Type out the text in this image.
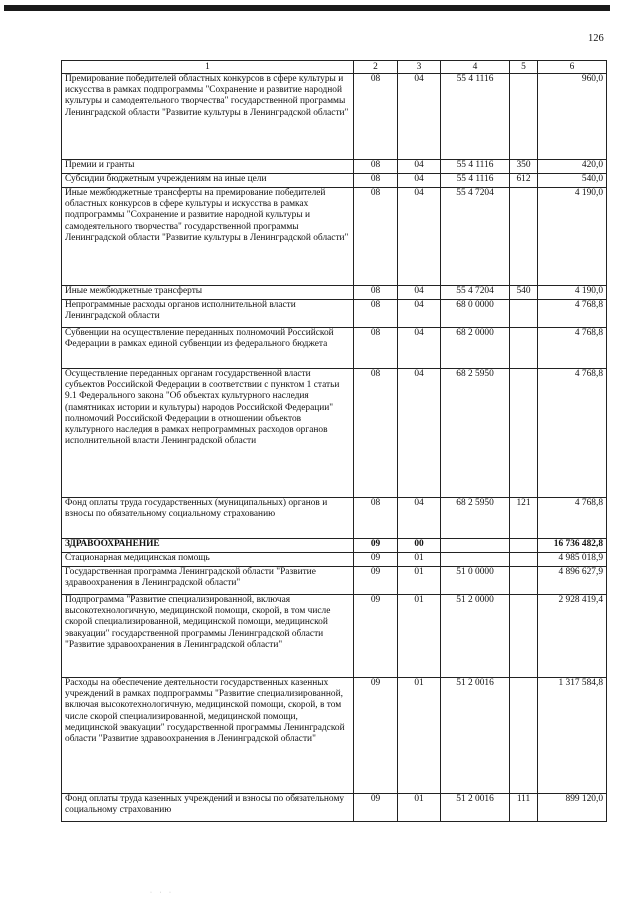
126
1	2	3	4	5	6
Премирование победителей областных конкурсов в сфере культуры и искусства в рамках подпрограммы "Сохранение и развитие народной культуры и самодеятельного творчества" государственной программы Ленинградской области "Развитие культуры в Ленинградской области"	08	04	55 4 1116		960,0
Премии и гранты	08	04	55 4 1116	350	420,0
Субсидии бюджетным учреждениям на иные цели	08	04	55 4 1116	612	540,0
Иные межбюджетные трансферты на премирование победителей областных конкурсов в сфере культуры и искусства в рамках подпрограммы "Сохранение и развитие народной культуры и самодеятельного творчества" государственной программы Ленинградской области "Развитие культуры в Ленинградской области"	08	04	55 4 7204		4 190,0
Иные межбюджетные трансферты	08	04	55 4 7204	540	4 190,0
Непрограммные расходы органов исполнительной власти Ленинградской области	08	04	68 0 0000		4 768,8
Субвенции на осуществление переданных полномочий Российской Федерации в рамках единой субвенции из федерального бюджета	08	04	68 2 0000		4 768,8
Осуществление переданных органам государственной власти субъектов Российской Федерации в соответствии с пунктом 1 статьи 9.1 Федерального закона "Об объектах культурного наследия (памятниках истории и культуры) народов Российской Федерации" полномочий Российской Федерации в отношении объектов культурного наследия в рамках непрограммных расходов органов исполнительной власти Ленинградской области	08	04	68 2 5950		4 768,8
Фонд оплаты труда государственных (муниципальных) органов и взносы по обязательному социальному страхованию	08	04	68 2 5950	121	4 768,8
ЗДРАВООХРАНЕНИЕ	09	00			16 736 482,8
Стационарная медицинская помощь	09	01			4 985 018,9
Государственная программа Ленинградской области "Развитие здравоохранения в Ленинградской области"	09	01	51 0 0000		4 896 627,9
Подпрограмма "Развитие специализированной, включая высокотехнологичную, медицинской помощи, скорой, в том числе скорой специализированной, медицинской помощи, медицинской эвакуации" государственной программы Ленинградской области "Развитие здравоохранения в Ленинградской области"	09	01	51 2 0000		2 928 419,4
Расходы на обеспечение деятельности государственных казенных учреждений в рамках подпрограммы "Развитие специализированной, включая высокотехнологичную, медицинской помощи, скорой, в том числе скорой специализированной, медицинской помощи, медицинской эвакуации" государственной программы Ленинградской области "Развитие здравоохранения в Ленинградской области"	09	01	51 2 0016		1 317 584,8
Фонд оплаты труда казенных учреждений и взносы по обязательному социальному страхованию	09	01	51 2 0016	111	899 120,0
· · ·
